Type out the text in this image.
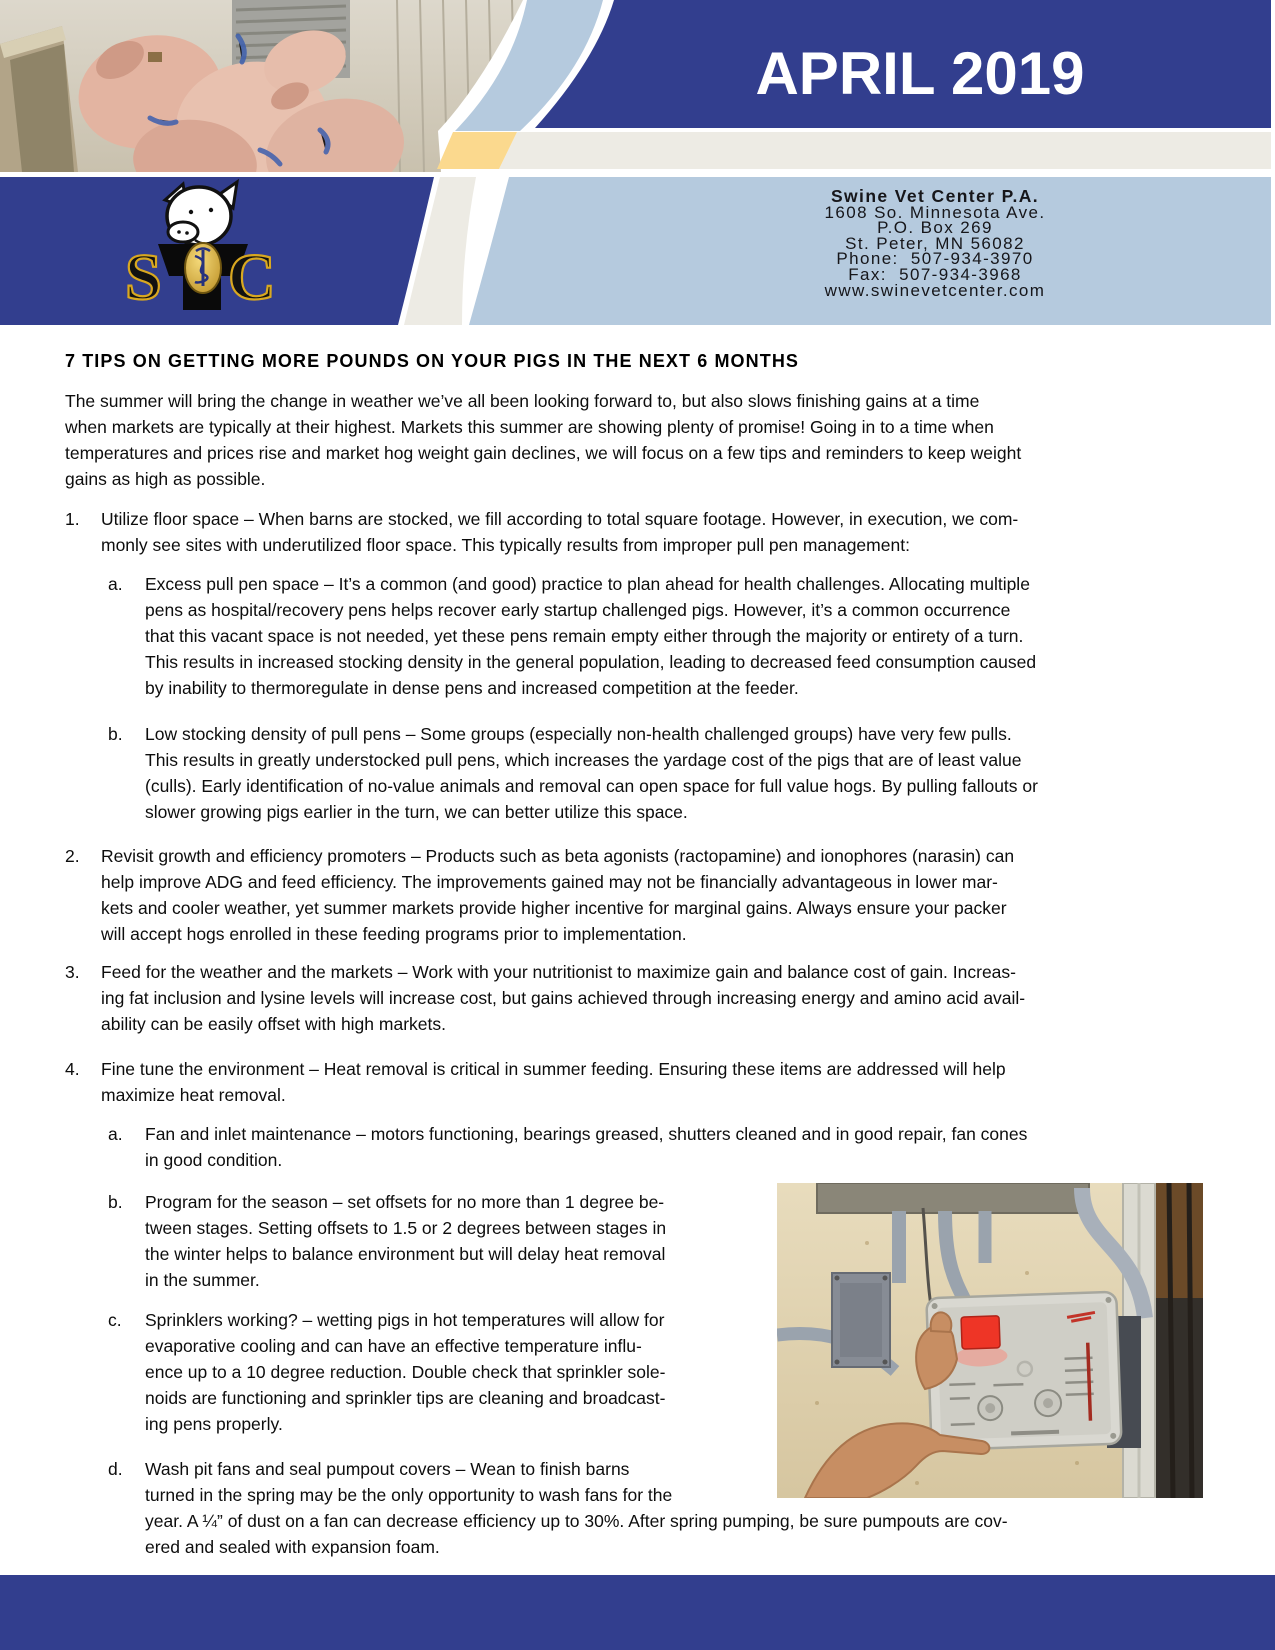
S C
APRIL 2019
Swine Vet Center P.A.
1608 So. Minnesota Ave.
P.O. Box 269
St. Peter, MN 56082
Phone:  507-934-3970
Fax:  507-934-3968
www.swinevetcenter.com
7 TIPS ON GETTING MORE POUNDS ON YOUR PIGS IN THE NEXT 6 MONTHS
The summer will bring the change in weather we’ve all been looking forward to, but also slows finishing gains at a time
when markets are typically at their highest. Markets this summer are showing plenty of promise! Going in to a time when
temperatures and prices rise and market hog weight gain declines, we will focus on a few tips and reminders to keep weight
gains as high as possible.
1.	Utilize floor space – When barns are stocked, we fill according to total square footage. However, in execution, we com-
monly see sites with underutilized floor space. This typically results from improper pull pen management:
a.	Excess pull pen space – It’s a common (and good) practice to plan ahead for health challenges. Allocating multiple
pens as hospital/recovery pens helps recover early startup challenged pigs. However, it’s a common occurrence
that this vacant space is not needed, yet these pens remain empty either through the majority or entirety of a turn.
This results in increased stocking density in the general population, leading to decreased feed consumption caused
by inability to thermoregulate in dense pens and increased competition at the feeder.
b.	Low stocking density of pull pens – Some groups (especially non-health challenged groups) have very few pulls.
This results in greatly understocked pull pens, which increases the yardage cost of the pigs that are of least value
(culls). Early identification of no-value animals and removal can open space for full value hogs. By pulling fallouts or
slower growing pigs earlier in the turn, we can better utilize this space.
2.	Revisit growth and efficiency promoters – Products such as beta agonists (ractopamine) and ionophores (narasin) can
help improve ADG and feed efficiency. The improvements gained may not be financially advantageous in lower mar-
kets and cooler weather, yet summer markets provide higher incentive for marginal gains. Always ensure your packer
will accept hogs enrolled in these feeding programs prior to implementation.
3.	Feed for the weather and the markets – Work with your nutritionist to maximize gain and balance cost of gain. Increas-
ing fat inclusion and lysine levels will increase cost, but gains achieved through increasing energy and amino acid avail-
ability can be easily offset with high markets.
4.	Fine tune the environment – Heat removal is critical in summer feeding. Ensuring these items are addressed will help
maximize heat removal.
a.	Fan and inlet maintenance – motors functioning, bearings greased, shutters cleaned and in good repair, fan cones
in good condition.
b.	Program for the season – set offsets for no more than 1 degree be-
tween stages. Setting offsets to 1.5 or 2 degrees between stages in
the winter helps to balance environment but will delay heat removal
in the summer.
c.	Sprinklers working? – wetting pigs in hot temperatures will allow for
evaporative cooling and can have an effective temperature influ-
ence up to a 10 degree reduction. Double check that sprinkler sole-
noids are functioning and sprinkler tips are cleaning and broadcast-
ing pens properly.
d.	Wash pit fans and seal pumpout covers – Wean to finish barns
turned in the spring may be the only opportunity to wash fans for the
year. A ¼” of dust on a fan can decrease efficiency up to 30%. After spring pumping, be sure pumpouts are cov-
ered and sealed with expansion foam.
